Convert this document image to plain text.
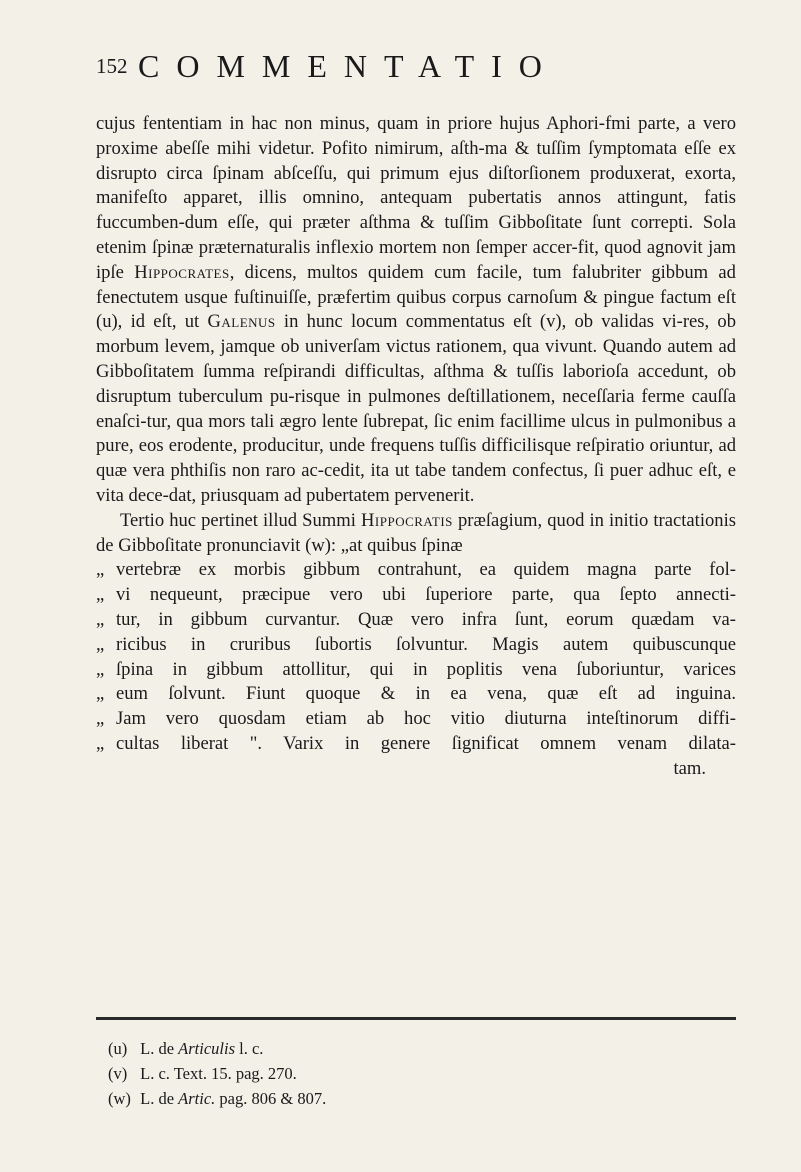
152 COMMENTATIO

cujus fententiam in hac non minus, quam in priore hujus Aphori-fmi parte, a vero proxime abeſſe mihi videtur. Pofito nimirum, aſth-ma & tuſſim ſymptomata eſſe ex disrupto circa ſpinam abſceſſu, qui primum ejus diſtorſionem produxerat, exorta, manifeſto apparet, illis omnino, antequam pubertatis annos attingunt, fatis fuccumben-dum eſſe, qui præter aſthma & tuſſim Gibboſitate ſunt correpti. Sola etenim ſpinæ præternaturalis inflexio mortem non ſemper accer-fit, quod agnovit jam ipſe Hippocrates, dicens, multos quidem cum facile, tum falubriter gibbum ad fenectutem usque fuſtinuiſſe, præfertim quibus corpus carnoſum & pingue factum eſt (u), id eſt, ut Galenus in hunc locum commentatus eſt (v), ob validas vi-res, ob morbum levem, jamque ob univerſam victus rationem, qua vivunt. Quando autem ad Gibboſitatem ſumma reſpirandi difficultas, aſthma & tuſſis laborioſa accedunt, ob disruptum tuberculum pu-risque in pulmones deſtillationem, neceſſaria ferme cauſſa enaſci-tur, qua mors tali ægro lente ſubrepat, ſic enim facillime ulcus in pulmonibus a pure, eos erodente, producitur, unde frequens tuſſis difficilisque reſpiratio oriuntur, ad quæ vera phthiſis non raro ac-cedit, ita ut tabe tandem confectus, ſi puer adhuc eſt, e vita dece-dat, priusquam ad pubertatem pervenerit.

Tertio huc pertinet illud Summi Hippocratis præſagium, quod in initio tractationis de Gibboſitate pronunciavit (w): „at quibus ſpinæ

„ vertebræ ex morbis gibbum contrahunt, ea quidem magna parte fol-
„ vi nequeunt, præcipue vero ubi ſuperiore parte, qua ſepto annecti-
„ tur, in gibbum curvantur. Quæ vero infra ſunt, eorum quædam va-
„ ricibus in cruribus ſubortis ſolvuntur. Magis autem quibuscunque
„ ſpina in gibbum attollitur, qui in poplitis vena ſuboriuntur, varices
„ eum ſolvunt. Fiunt quoque & in ea vena, quæ eſt ad inguina.
„ Jam vero quosdam etiam ab hoc vitio diuturna inteſtinorum diffi-
„ cultas liberat ". Varix in genere ſignificat omnem venam dilata-

tam.

(u) L. de Articulis l. c.
(v) L. c. Text. 15. pag. 270.
(w) L. de Artic. pag. 806 & 807.
